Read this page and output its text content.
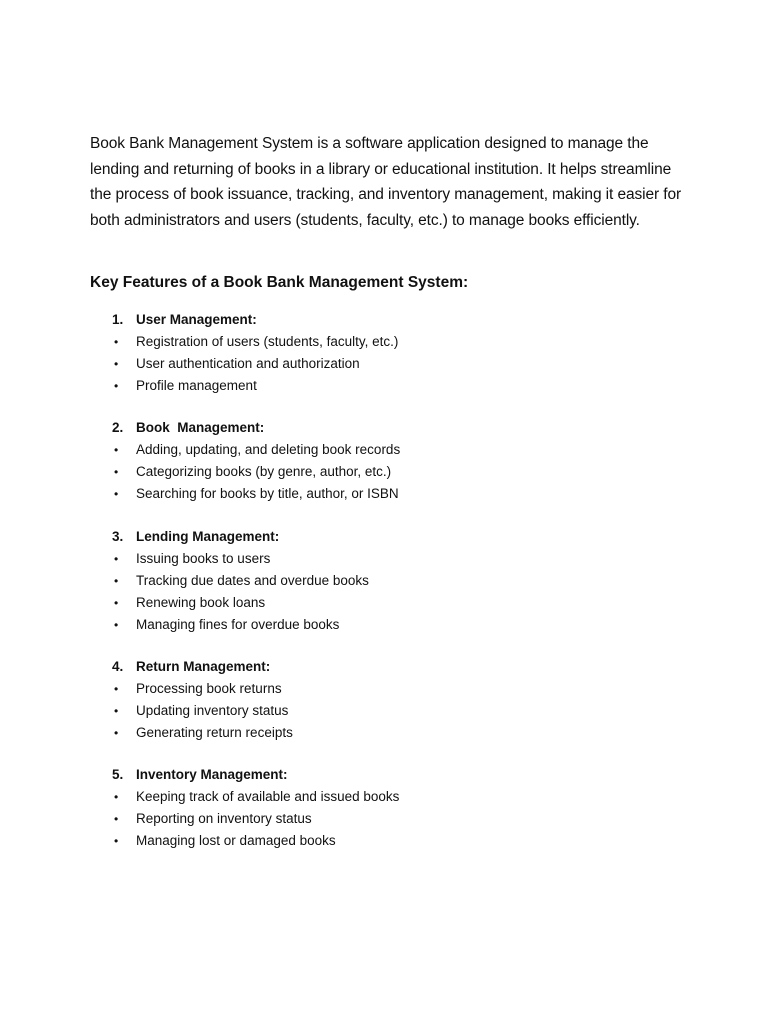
Book Bank Management System is a software application designed to manage the lending and returning of books in a library or educational institution. It helps streamline the process of book issuance, tracking, and inventory management, making it easier for both administrators and users (students, faculty, etc.) to manage books efficiently.

Key Features of a Book Bank Management System:
1. User Management:
• Registration of users (students, faculty, etc.)
• User authentication and authorization
• Profile management
2. Book  Management:
• Adding, updating, and deleting book records
• Categorizing books (by genre, author, etc.)
• Searching for books by title, author, or ISBN
3. Lending Management:
• Issuing books to users
• Tracking due dates and overdue books
• Renewing book loans
• Managing fines for overdue books
4. Return Management:
• Processing book returns
• Updating inventory status
• Generating return receipts
5. Inventory Management:
• Keeping track of available and issued books
• Reporting on inventory status
• Managing lost or damaged books
